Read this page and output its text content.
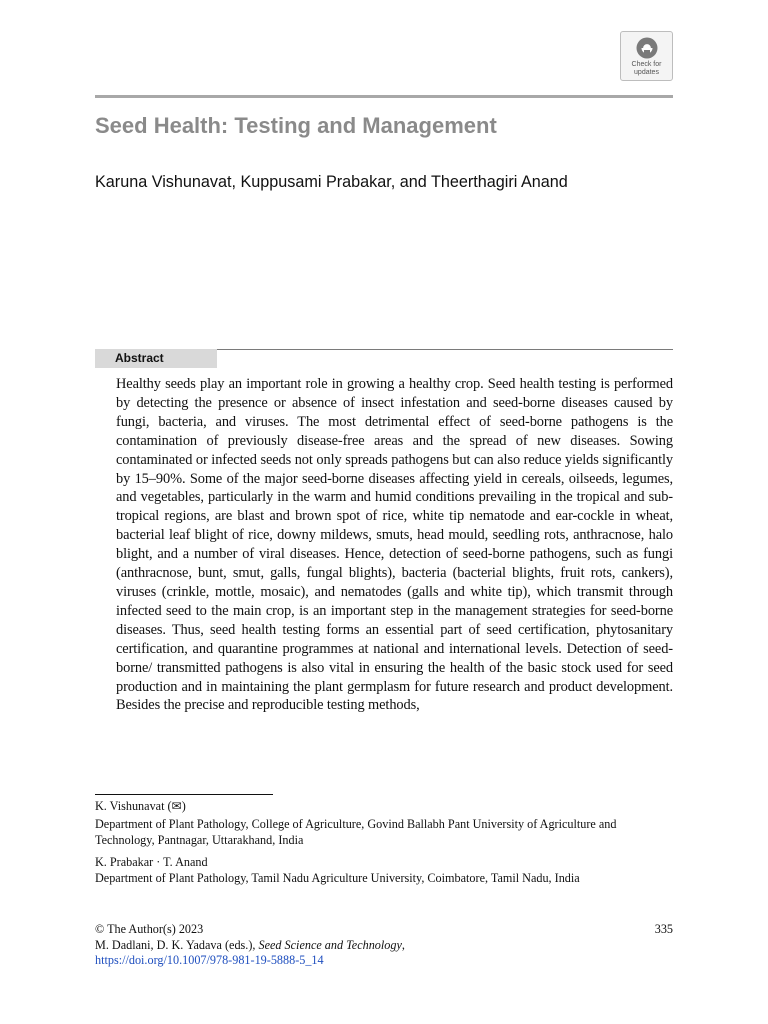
Check for
updates
Seed Health: Testing and Management

Karuna Vishunavat, Kuppusami Prabakar, and Theerthagiri Anand

Abstract

Healthy seeds play an important role in growing a healthy crop. Seed health testing is performed by detecting the presence or absence of insect infestation and seed-borne diseases caused by fungi, bacteria, and viruses. The most detrimental effect of seed-borne pathogens is the contamination of previously disease-free areas and the spread of new diseases. Sowing contaminated or infected seeds not only spreads pathogens but can also reduce yields significantly by 15–90%. Some of the major seed-borne diseases affecting yield in cereals, oilseeds, legumes, and vegetables, particularly in the warm and humid conditions prevailing in the tropical and sub-tropical regions, are blast and brown spot of rice, white tip nematode and ear-cockle in wheat, bacterial leaf blight of rice, downy mildews, smuts, head mould, seedling rots, anthracnose, halo blight, and a number of viral diseases. Hence, detection of seed-borne pathogens, such as fungi (anthracnose, bunt, smut, galls, fungal blights), bacteria (bacterial blights, fruit rots, cankers), viruses (crinkle, mottle, mosaic), and nematodes (galls and white tip), which transmit through infected seed to the main crop, is an important step in the management strategies for seed-borne diseases. Thus, seed health testing forms an essential part of seed certification, phytosanitary certification, and quarantine programmes at national and international levels. Detection of seed-borne/ transmitted pathogens is also vital in ensuring the health of the basic stock used for seed production and in maintaining the plant germplasm for future research and product development. Besides the precise and reproducible testing methods,

K. Vishunavat (✉)

Department of Plant Pathology, College of Agriculture, Govind Ballabh Pant University of Agriculture and Technology, Pantnagar, Uttarakhand, India

K. Prabakar · T. Anand

Department of Plant Pathology, Tamil Nadu Agriculture University, Coimbatore, Tamil Nadu, India

© The Author(s) 2023	335
M. Dadlani, D. K. Yadava (eds.), Seed Science and Technology,
https://doi.org/10.1007/978-981-19-5888-5_14
